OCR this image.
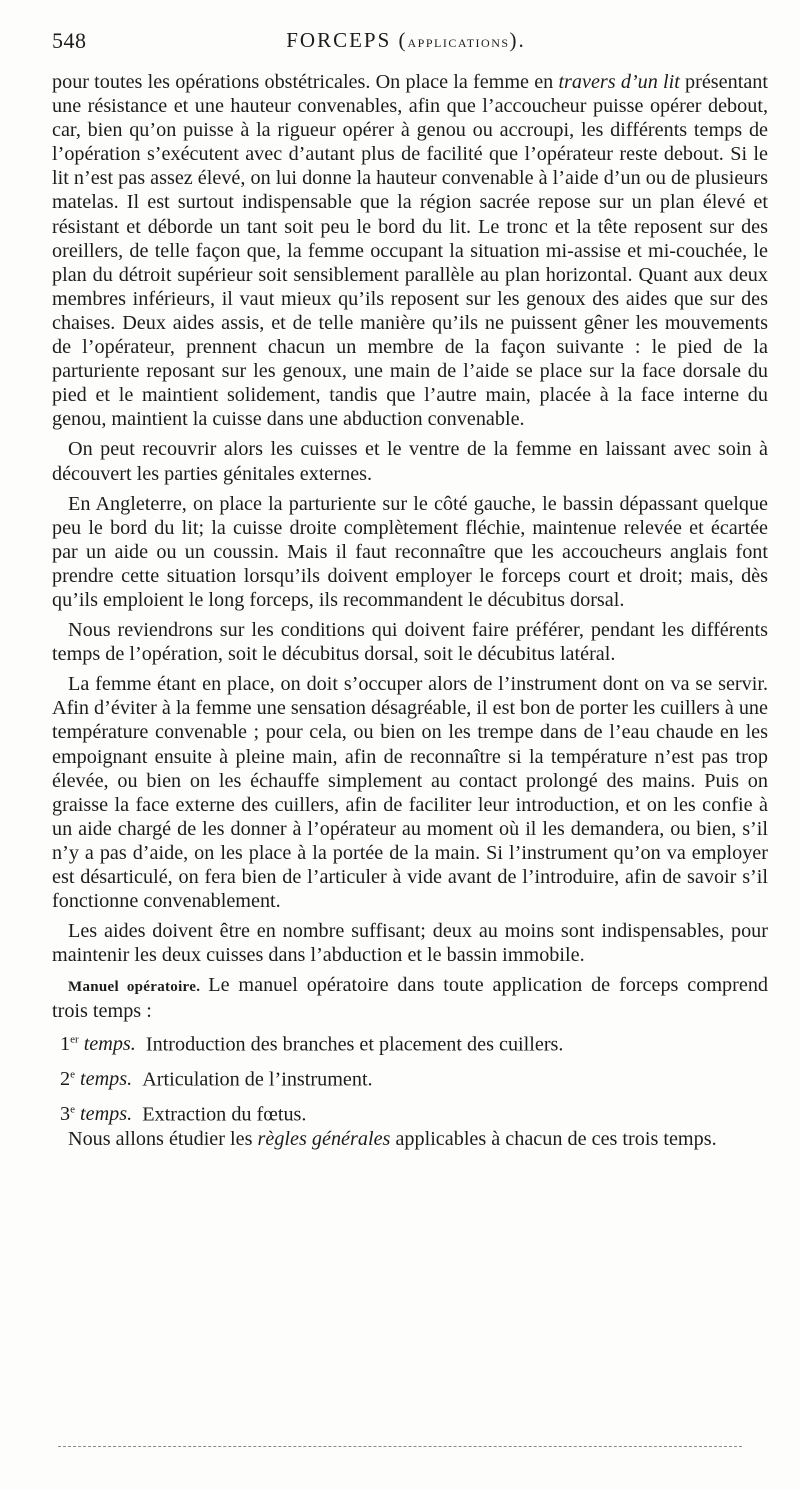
548	FORCEPS (APPLICATIONS).

pour toutes les opérations obstétricales. On place la femme en travers d’un lit présentant une résistance et une hauteur convenables, afin que l’accoucheur puisse opérer debout, car, bien qu’on puisse à la rigueur opérer à genou ou accroupi, les différents temps de l’opération s’exécutent avec d’autant plus de facilité que l’opérateur reste debout. Si le lit n’est pas assez élevé, on lui donne la hauteur convenable à l’aide d’un ou de plusieurs matelas. Il est surtout indispensable que la région sacrée repose sur un plan élevé et résistant et déborde un tant soit peu le bord du lit. Le tronc et la tête reposent sur des oreillers, de telle façon que, la femme occupant la situation mi-assise et mi-couchée, le plan du détroit supérieur soit sensiblement parallèle au plan horizontal. Quant aux deux membres inférieurs, il vaut mieux qu’ils reposent sur les genoux des aides que sur des chaises. Deux aides assis, et de telle manière qu’ils ne puissent gêner les mouvements de l’opérateur, prennent chacun un membre de la façon suivante : le pied de la parturiente reposant sur les genoux, une main de l’aide se place sur la face dorsale du pied et le maintient solidement, tandis que l’autre main, placée à la face interne du genou, maintient la cuisse dans une abduction convenable.

On peut recouvrir alors les cuisses et le ventre de la femme en laissant avec soin à découvert les parties génitales externes.

En Angleterre, on place la parturiente sur le côté gauche, le bassin dépassant quelque peu le bord du lit; la cuisse droite complètement fléchie, maintenue relevée et écartée par un aide ou un coussin. Mais il faut reconnaître que les accoucheurs anglais font prendre cette situation lorsqu’ils doivent employer le forceps court et droit; mais, dès qu’ils emploient le long forceps, ils recommandent le décubitus dorsal.

Nous reviendrons sur les conditions qui doivent faire préférer, pendant les différents temps de l’opération, soit le décubitus dorsal, soit le décubitus latéral.

La femme étant en place, on doit s’occuper alors de l’instrument dont on va se servir. Afin d’éviter à la femme une sensation désagréable, il est bon de porter les cuillers à une température convenable ; pour cela, ou bien on les trempe dans de l’eau chaude en les empoignant ensuite à pleine main, afin de reconnaître si la température n’est pas trop élevée, ou bien on les échauffe simplement au contact prolongé des mains. Puis on graisse la face externe des cuillers, afin de faciliter leur introduction, et on les confie à un aide chargé de les donner à l’opérateur au moment où il les demandera, ou bien, s’il n’y a pas d’aide, on les place à la portée de la main. Si l’instrument qu’on va employer est désarticulé, on fera bien de l’articuler à vide avant de l’introduire, afin de savoir s’il fonctionne convenablement.

Les aides doivent être en nombre suffisant; deux au moins sont indispensables, pour maintenir les deux cuisses dans l’abduction et le bassin immobile.

Manuel opératoire. Le manuel opératoire dans toute application de forceps comprend trois temps :

1er temps. Introduction des branches et placement des cuillers.

2e temps. Articulation de l’instrument.

3e temps. Extraction du fœtus.

Nous allons étudier les règles générales applicables à chacun de ces trois temps.
